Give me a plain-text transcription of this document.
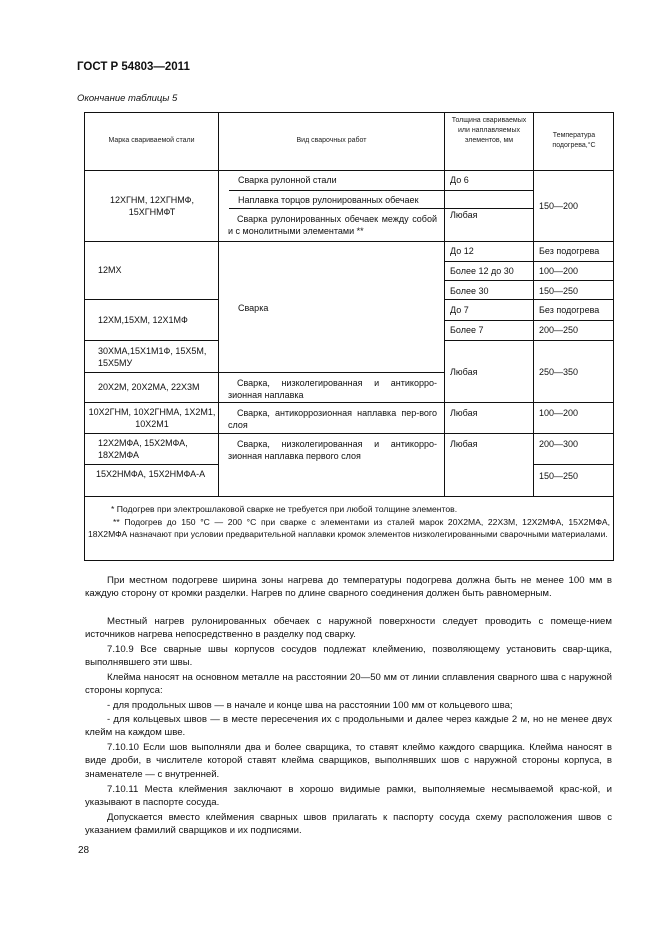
ГОСТ Р 54803—2011
Окончание таблицы 5
Марка свариваемой стали	Вид сварочных работ
Толщина свариваемых или наплавляемых элементов, мм
Температура подогрева,°С
12ХГНМ, 12ХГНМФ, 15ХГНМФТ
12МХ
12ХМ,15ХМ, 12Х1МФ
30ХМА,15Х1М1Ф, 15Х5М, 15Х5МУ
20Х2М, 20Х2МА, 22Х3М
10Х2ГНМ, 10Х2ГНМА, 1Х2М1, 10Х2М1
12Х2МФА, 15Х2МФА, 18Х2МФА
15Х2НМФА, 15Х2НМФА-А
Сварка рулонной стали
Наплавка торцов рулонированных обечаек
Сварка рулонированных обечаек между собой и с монолитными элементами **
Сварка
Сварка, низколегированная и антикорро-зионная наплавка
Сварка, антикоррозионная наплавка пер-вого слоя
Сварка, низколегированная и антикорро-зионная наплавка первого слоя
До 6
Любая
До 12
Более 12 до 30
Более 30
До 7
Более 7
Любая
Любая
Любая
150—200
Без подогрева
100—200
150—250
Без подогрева
200—250
250—350
100—200
200—300
150—250
* Подогрев при электрошлаковой сварке не требуется при любой толщине элементов.
** Подогрев до 150 °С — 200 °С при сварке с элементами из сталей марок 20Х2МА, 22Х3М, 12Х2МФА, 15Х2МФА, 18Х2МФА назначают при условии предварительной наплавки кромок элементов низколегированными сварочными материалами.
При местном подогреве ширина зоны нагрева до температуры подогрева должна быть не менее 100 мм в каждую сторону от кромки разделки. Нагрев по длине сварного соединения должен быть равномерным.
Местный нагрев рулонированных обечаек с наружной поверхности следует проводить с помеще-нием источников нагрева непосредственно в разделку под сварку.
7.10.9 Все сварные швы корпусов сосудов подлежат клеймению, позволяющему установить свар-щика, выполнявшего эти швы.
Клейма наносят на основном металле на расстоянии 20—50 мм от линии сплавления сварного шва с наружной стороны корпуса:
- для продольных швов — в начале и конце шва на расстоянии 100 мм от кольцевого шва;
- для кольцевых швов — в месте пересечения их с продольными и далее через каждые 2 м, но не менее двух клейм на каждом шве.
7.10.10 Если шов выполняли два и более сварщика, то ставят клеймо каждого сварщика. Клейма наносят в виде дроби, в числителе которой ставят клейма сварщиков, выполнявших шов с наружной стороны корпуса, в знаменателе — с внутренней.
7.10.11 Места клеймения заключают в хорошо видимые рамки, выполняемые несмываемой крас-кой, и указывают в паспорте сосуда.
Допускается вместо клеймения сварных швов прилагать к паспорту сосуда схему расположения швов с указанием фамилий сварщиков и их подписями.
28
